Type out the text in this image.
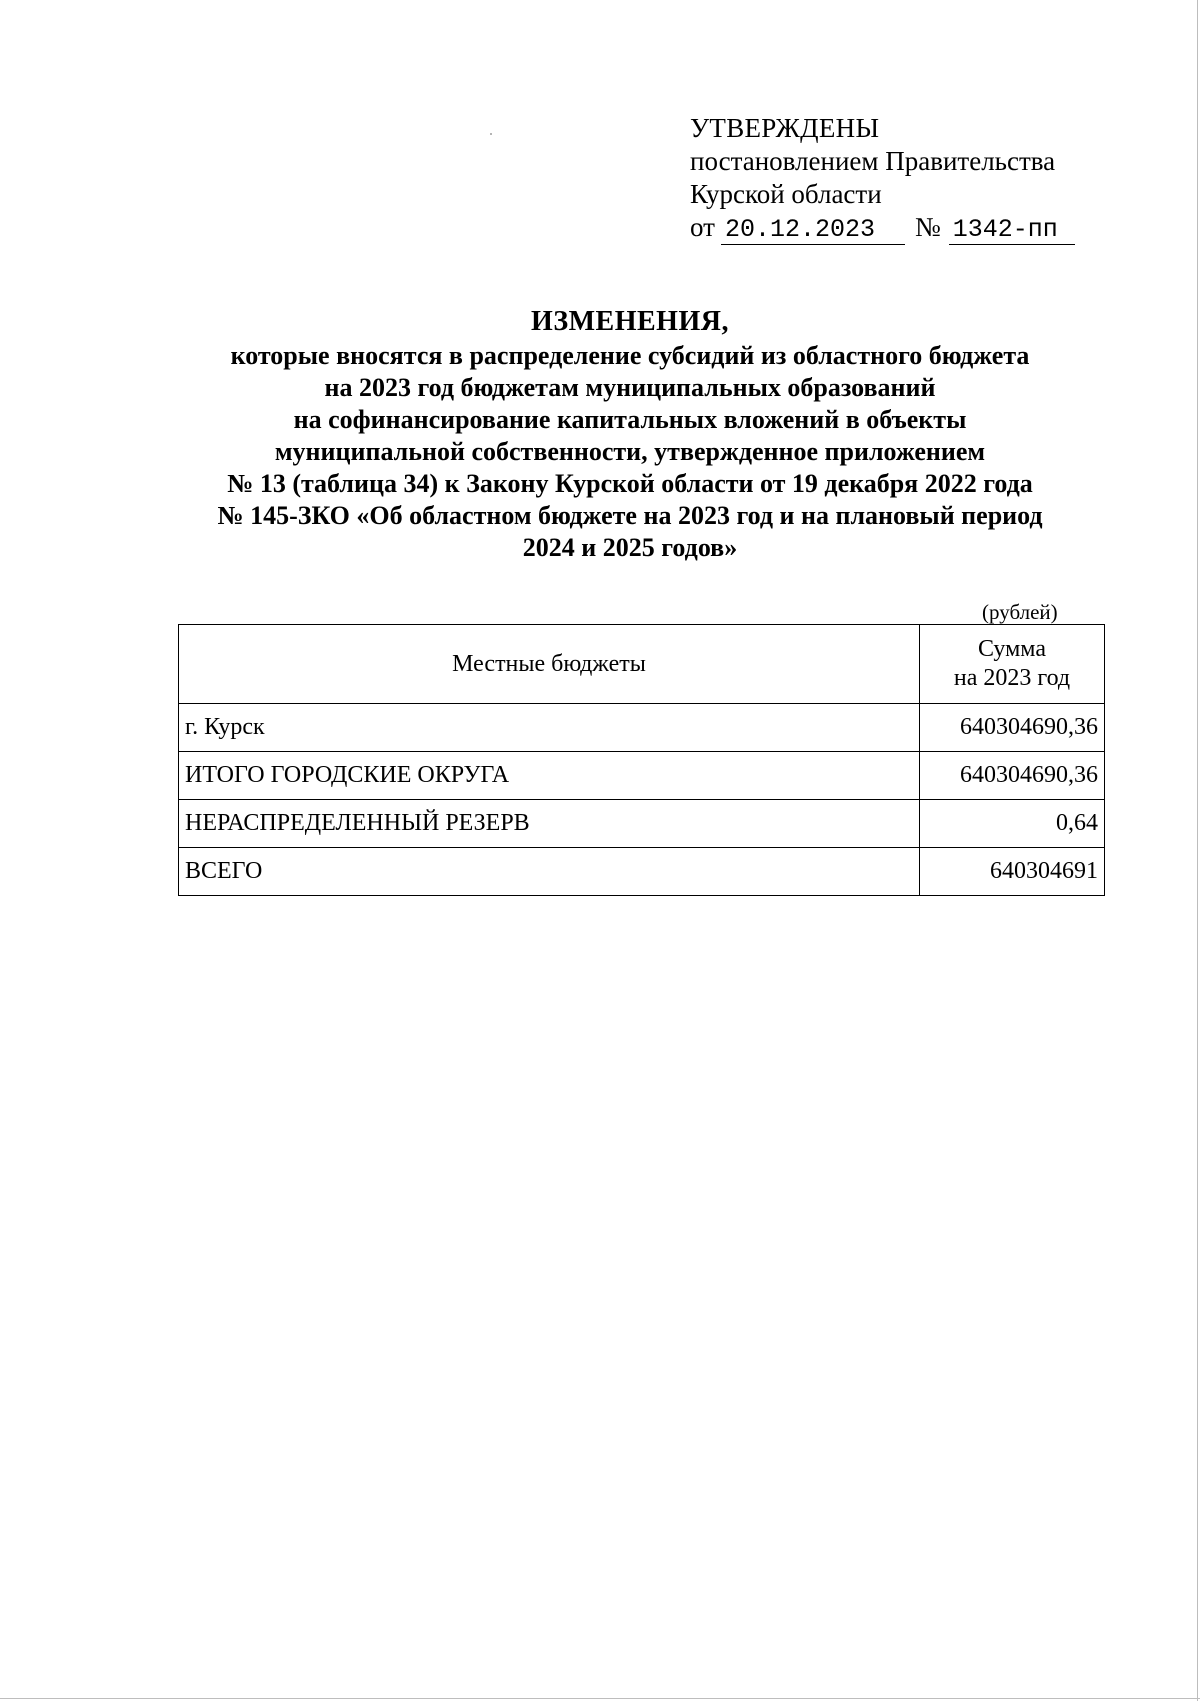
УТВЕРЖДЕНЫ
постановлением Правительства
Курской области
от 20.12.2023	№ 1342-пп
ИЗМЕНЕНИЯ,
которые вносятся в распределение субсидий из областного бюджета
на 2023 год бюджетам муниципальных образований
на софинансирование капитальных вложений в объекты
муниципальной собственности, утвержденное приложением
№ 13 (таблица 34) к Закону Курской области от 19 декабря 2022 года
№ 145-ЗКО «Об областном бюджете на 2023 год и на плановый период
2024 и 2025 годов»
(рублей)
Местные бюджеты	Сумма
на 2023 год

г. Курск	640304690,36
ИТОГО ГОРОДСКИЕ ОКРУГА	640304690,36
НЕРАСПРЕДЕЛЕННЫЙ РЕЗЕРВ	0,64
ВСЕГО	640304691
